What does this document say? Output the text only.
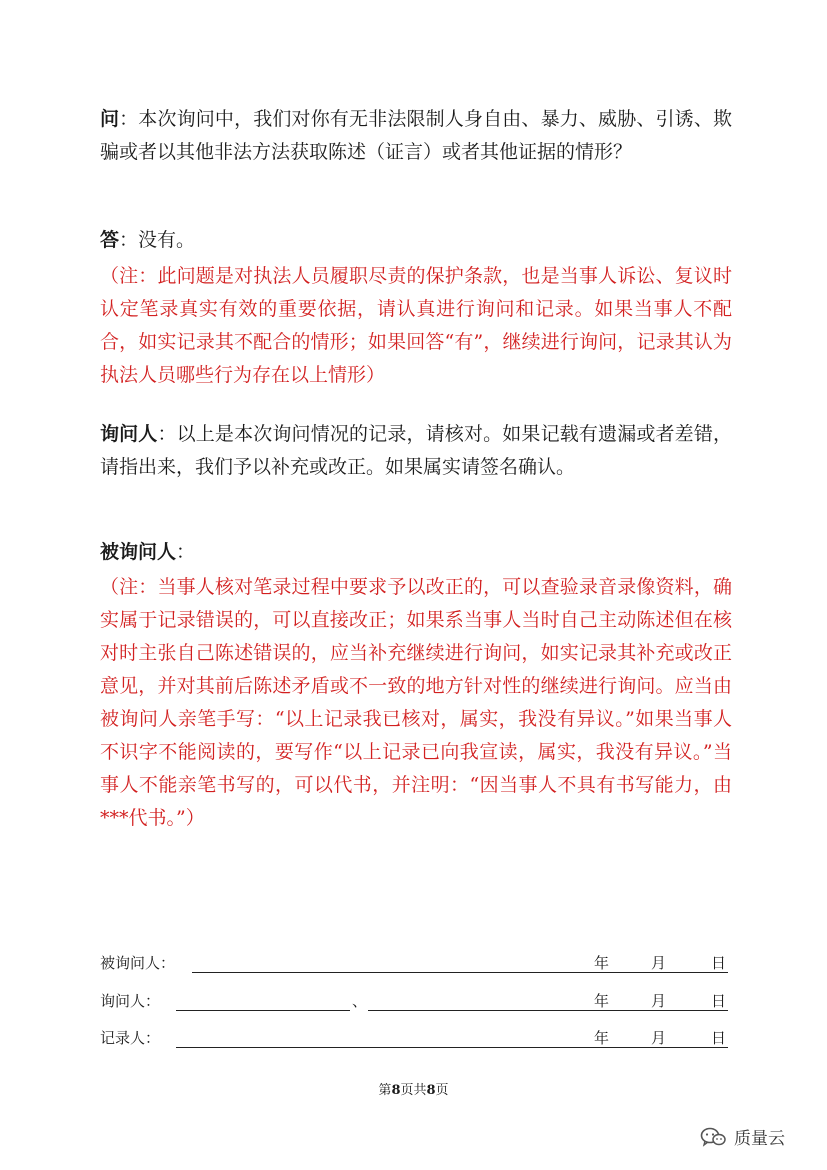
问：本次询问中，我们对你有无非法限制人身自由、暴力、威胁、引诱、欺骗或者以其他非法方法获取陈述（证言）或者其他证据的情形？

答：没有。

（注：此问题是对执法人员履职尽责的保护条款，也是当事人诉讼、复议时认定笔录真实有效的重要依据，请认真进行询问和记录。如果当事人不配合，如实记录其不配合的情形；如果回答“有”，继续进行询问，记录其认为执法人员哪些行为存在以上情形）

询问人：以上是本次询问情况的记录，请核对。如果记载有遗漏或者差错，请指出来，我们予以补充或改正。如果属实请签名确认。

被询问人：

（注：当事人核对笔录过程中要求予以改正的，可以查验录音录像资料，确实属于记录错误的，可以直接改正；如果系当事人当时自己主动陈述但在核对时主张自己陈述错误的，应当补充继续进行询问，如实记录其补充或改正意见，并对其前后陈述矛盾或不一致的地方针对性的继续进行询问。应当由被询问人亲笔手写：“以上记录我已核对，属实，我没有异议。”如果当事人不识字不能阅读的，要写作“以上记录已向我宣读，属实，我没有异议。”当事人不能亲笔书写的，可以代书，并注明：“因当事人不具有书写能力，由***代书。”）

被询问人：	年	月	日
询问人：	、	年	月	日
记录人：	年	月	日
第8页共8页
质量云
